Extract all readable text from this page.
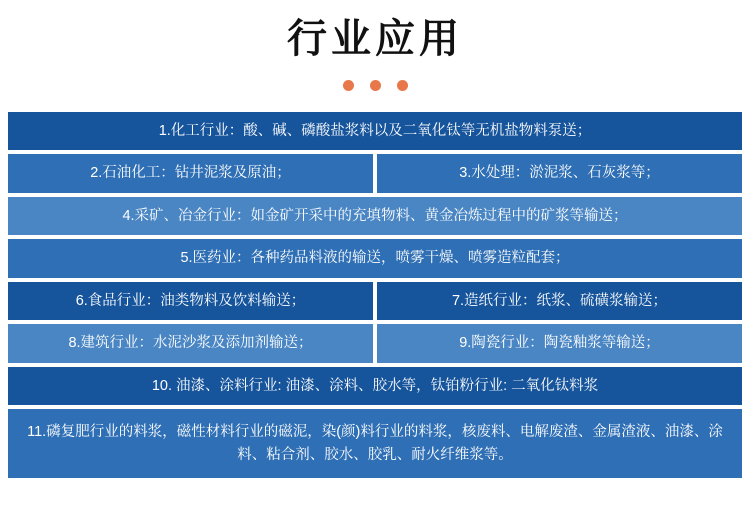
行业应用
1.化工行业：酸、碱、磷酸盐浆料以及二氧化钛等无机盐物料泵送；
2.石油化工：钻井泥浆及原油；	3.水处理：淤泥浆、石灰浆等；
4.采矿、冶金行业：如金矿开采中的充填物料、黄金冶炼过程中的矿浆等输送；
5.医药业：各种药品料液的输送，喷雾干燥、喷雾造粒配套；
6.食品行业：油类物料及饮料输送；	7.造纸行业：纸浆、硫磺浆输送；
8.建筑行业：水泥沙浆及添加剂输送；	9.陶瓷行业：陶瓷釉浆等输送；
10. 油漆、涂料行业: 油漆、涂料、胶水等，钛铂粉行业: 二氧化钛料浆
11.磷复肥行业的料浆，磁性材料行业的磁泥，染(颜)料行业的料浆，核废料、电解废渣、金属渣液、油漆、涂料、粘合剂、胶水、胶乳、耐火纤维浆等。
